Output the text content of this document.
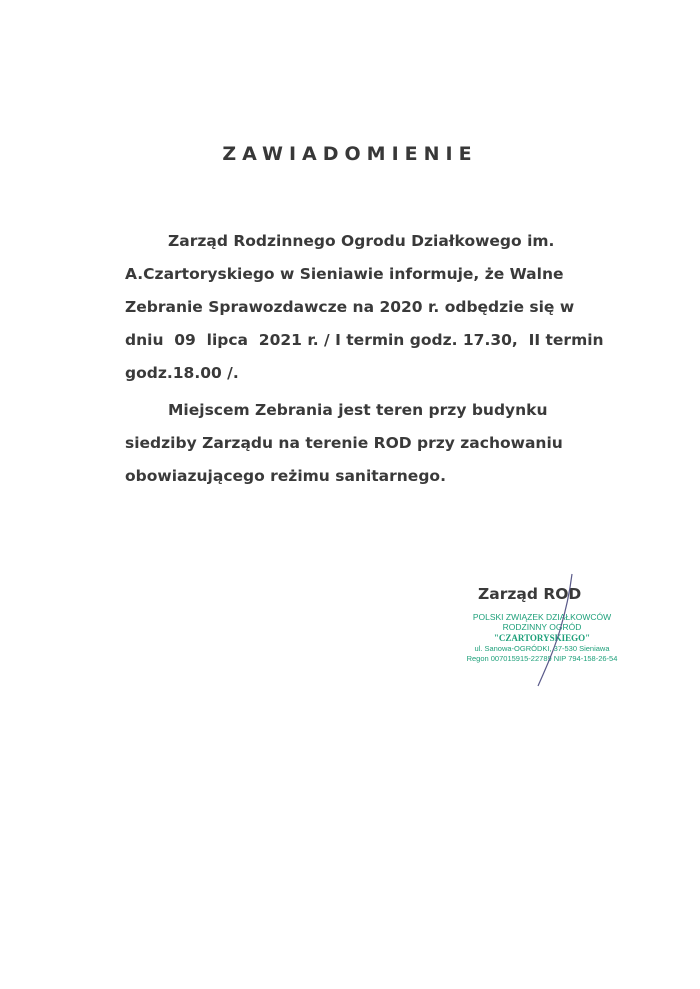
ZAWIADOMIENIE
Zarząd Rodzinnego Ogrodu Działkowego im.
A.Czartoryskiego w Sieniawie informuje, że Walne
Zebranie Sprawozdawcze na 2020 r. odbędzie się w
dniu  09  lipca  2021 r. / I termin godz. 17.30,  II termin
godz.18.00 /.
Miejscem Zebrania jest teren przy budynku
siedziby Zarządu na terenie ROD przy zachowaniu
obowiazującego reżimu sanitarnego.
Zarząd ROD
POLSKI ZWIĄZEK DZIAŁKOWCÓW
RODZINNY OGRÓD
"CZARTORYSKIEGO"
ul. Sanowa-OGRÓDKI, 37-530 Sieniawa
Regon 007015915-22789 NIP 794-158-26-54
